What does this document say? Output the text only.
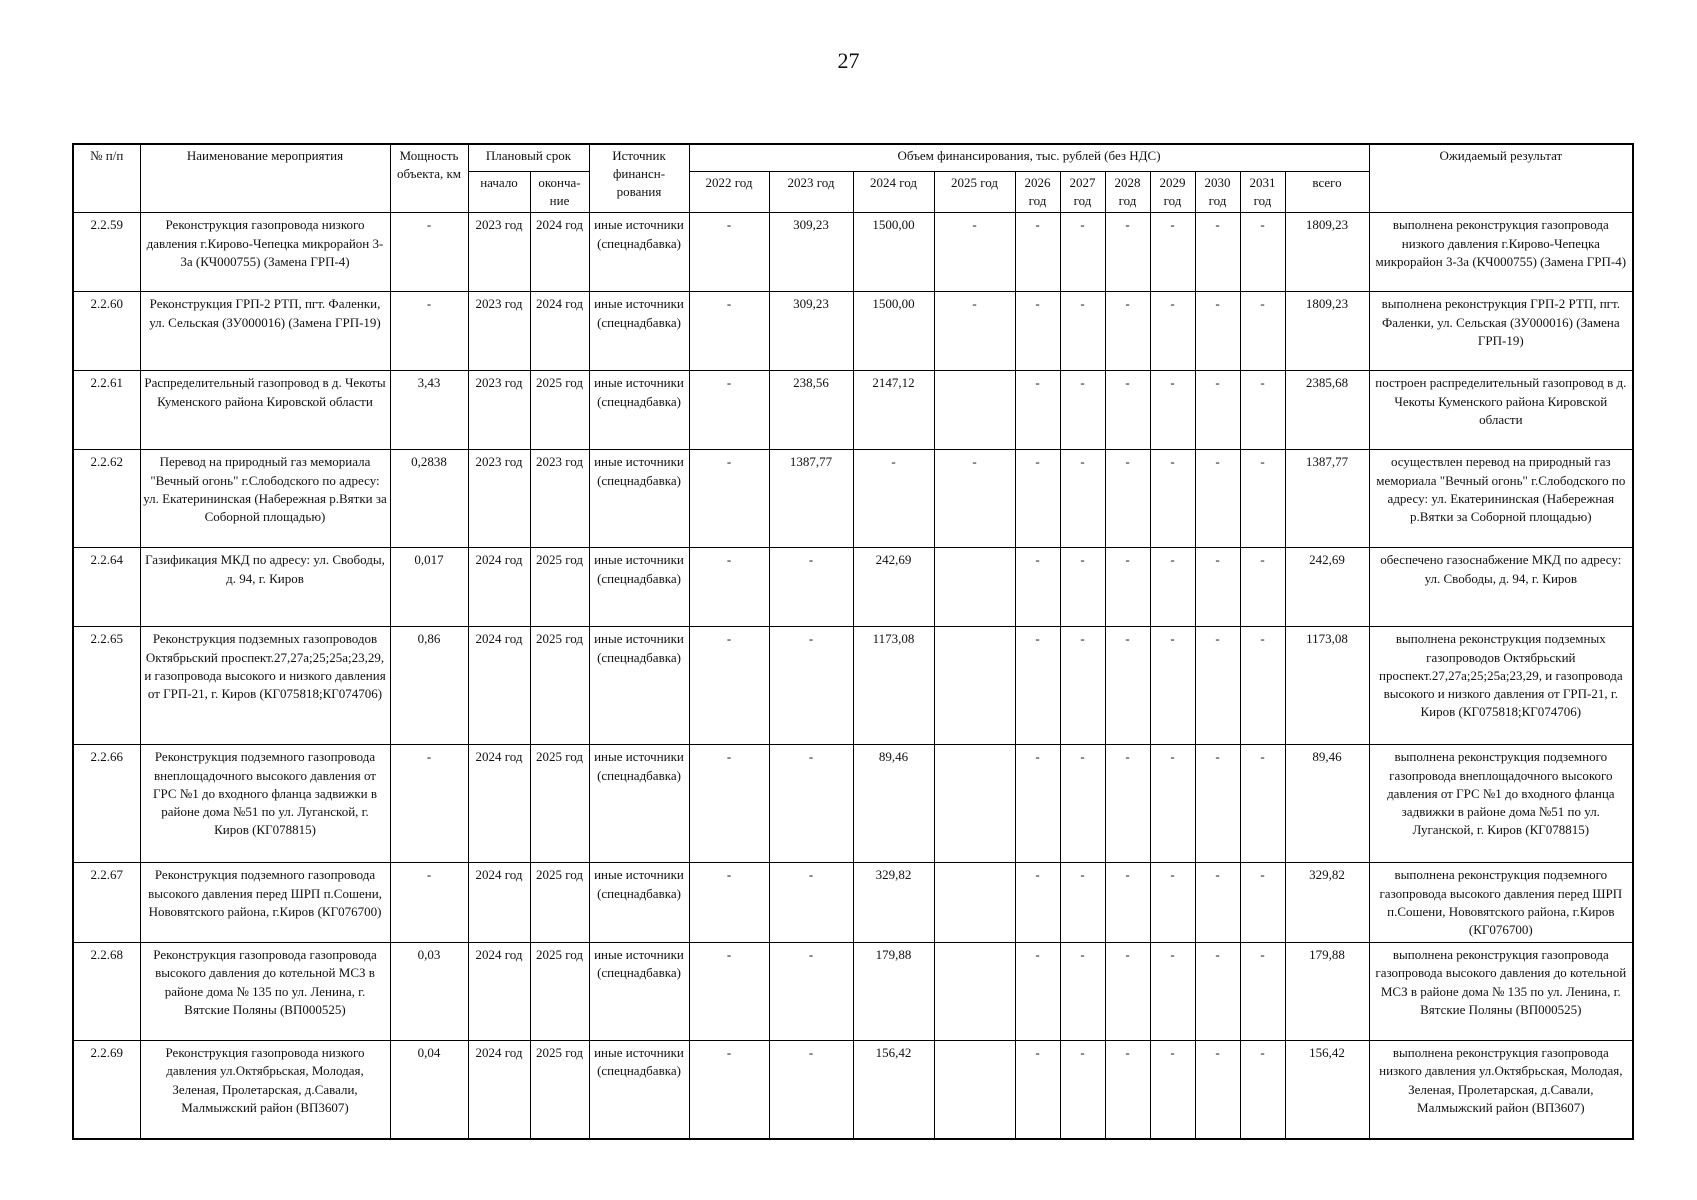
27
№ п/п	Наименование мероприятия	Мощность объекта, км	Плановый срок		Источник финансн-рования	Объем финансирования, тыс. рублей (без НДС)											Ожидаемый результат
			начало	оконча-ние		2022 год	2023 год	2024 год	2025 год	2026 год	2027 год	2028 год	2029 год	2030 год	2031 год	всего	
2.2.59	Реконструкция газопровода низкого давления г.Кирово-Чепецка микрорайон 3-3а (КЧ000755) (Замена ГРП-4)	-	2023 год	2024 год	иные источники (спецнадбавка)	-	309,23	1500,00	-	-	-	-	-	-	-	1809,23	выполнена реконструкция газопровода низкого давления г.Кирово-Чепецка микрорайон 3-3а (КЧ000755) (Замена ГРП-4)
2.2.60	Реконструкция ГРП-2 РТП, пгт. Фаленки, ул. Сельская (ЗУ000016) (Замена ГРП-19)	-	2023 год	2024 год	иные источники (спецнадбавка)	-	309,23	1500,00	-	-	-	-	-	-	-	1809,23	выполнена реконструкция ГРП-2 РТП, пгт. Фаленки, ул. Сельская (ЗУ000016) (Замена ГРП-19)
2.2.61	Распределительный газопровод в д. Чекоты Куменского района Кировской области	3,43	2023 год	2025 год	иные источники (спецнадбавка)	-	238,56	2147,12		-	-	-	-	-	-	2385,68	построен распределительный газопровод в д. Чекоты Куменского района Кировской области
2.2.62	Перевод на природный газ мемориала "Вечный огонь" г.Слободского по адресу: ул. Екатерининская (Набережная р.Вятки за Соборной площадью)	0,2838	2023 год	2023 год	иные источники (спецнадбавка)	-	1387,77	-	-	-	-	-	-	-	-	1387,77	осуществлен перевод на природный газ мемориала "Вечный огонь" г.Слободского по адресу: ул. Екатерининская (Набережная р.Вятки за Соборной площадью)
2.2.64	Газификация МКД по адресу: ул. Свободы, д. 94, г. Киров	0,017	2024 год	2025 год	иные источники (спецнадбавка)	-	-	242,69		-	-	-	-	-	-	242,69	обеспечено газоснабжение МКД по адресу: ул. Свободы, д. 94, г. Киров
2.2.65	Реконструкция подземных газопроводов Октябрьский проспект.27,27а;25;25а;23,29, и газопровода высокого и низкого давления от ГРП-21, г. Киров (КГ075818;КГ074706)	0,86	2024 год	2025 год	иные источники (спецнадбавка)	-	-	1173,08		-	-	-	-	-	-	1173,08	выполнена реконструкция подземных газопроводов Октябрьский проспект.27,27а;25;25а;23,29, и газопровода высокого и низкого давления от ГРП-21, г. Киров (КГ075818;КГ074706)
2.2.66	Реконструкция подземного газопровода внеплощадочного высокого давления от ГРС №1 до входного фланца задвижки в районе дома №51 по ул. Луганской, г. Киров (КГ078815)	-	2024 год	2025 год	иные источники (спецнадбавка)	-	-	89,46		-	-	-	-	-	-	89,46	выполнена реконструкция подземного газопровода внеплощадочного высокого давления от ГРС №1 до входного фланца задвижки в районе дома №51 по ул. Луганской, г. Киров (КГ078815)
2.2.67	Реконструкция подземного газопровода высокого давления перед ШРП п.Сошени, Нововятского района, г.Киров (КГ076700)	-	2024 год	2025 год	иные источники (спецнадбавка)	-	-	329,82		-	-	-	-	-	-	329,82	выполнена реконструкция подземного газопровода высокого давления перед ШРП п.Сошени, Нововятского района, г.Киров (КГ076700)
2.2.68	Реконструкция газопровода газопровода высокого давления до котельной МСЗ в районе дома № 135 по ул. Ленина, г. Вятские Поляны (ВП000525)	0,03	2024 год	2025 год	иные источники (спецнадбавка)	-	-	179,88		-	-	-	-	-	-	179,88	выполнена реконструкция газопровода газопровода высокого давления до котельной МСЗ в районе дома № 135 по ул. Ленина, г. Вятские Поляны (ВП000525)
2.2.69	Реконструкция газопровода низкого давления ул.Октябрьская, Молодая, Зеленая, Пролетарская, д.Савали, Малмыжский район (ВП3607)	0,04	2024 год	2025 год	иные источники (спецнадбавка)	-	-	156,42		-	-	-	-	-	-	156,42	выполнена реконструкция газопровода низкого давления ул.Октябрьская, Молодая, Зеленая, Пролетарская, д.Савали, Малмыжский район (ВП3607)
